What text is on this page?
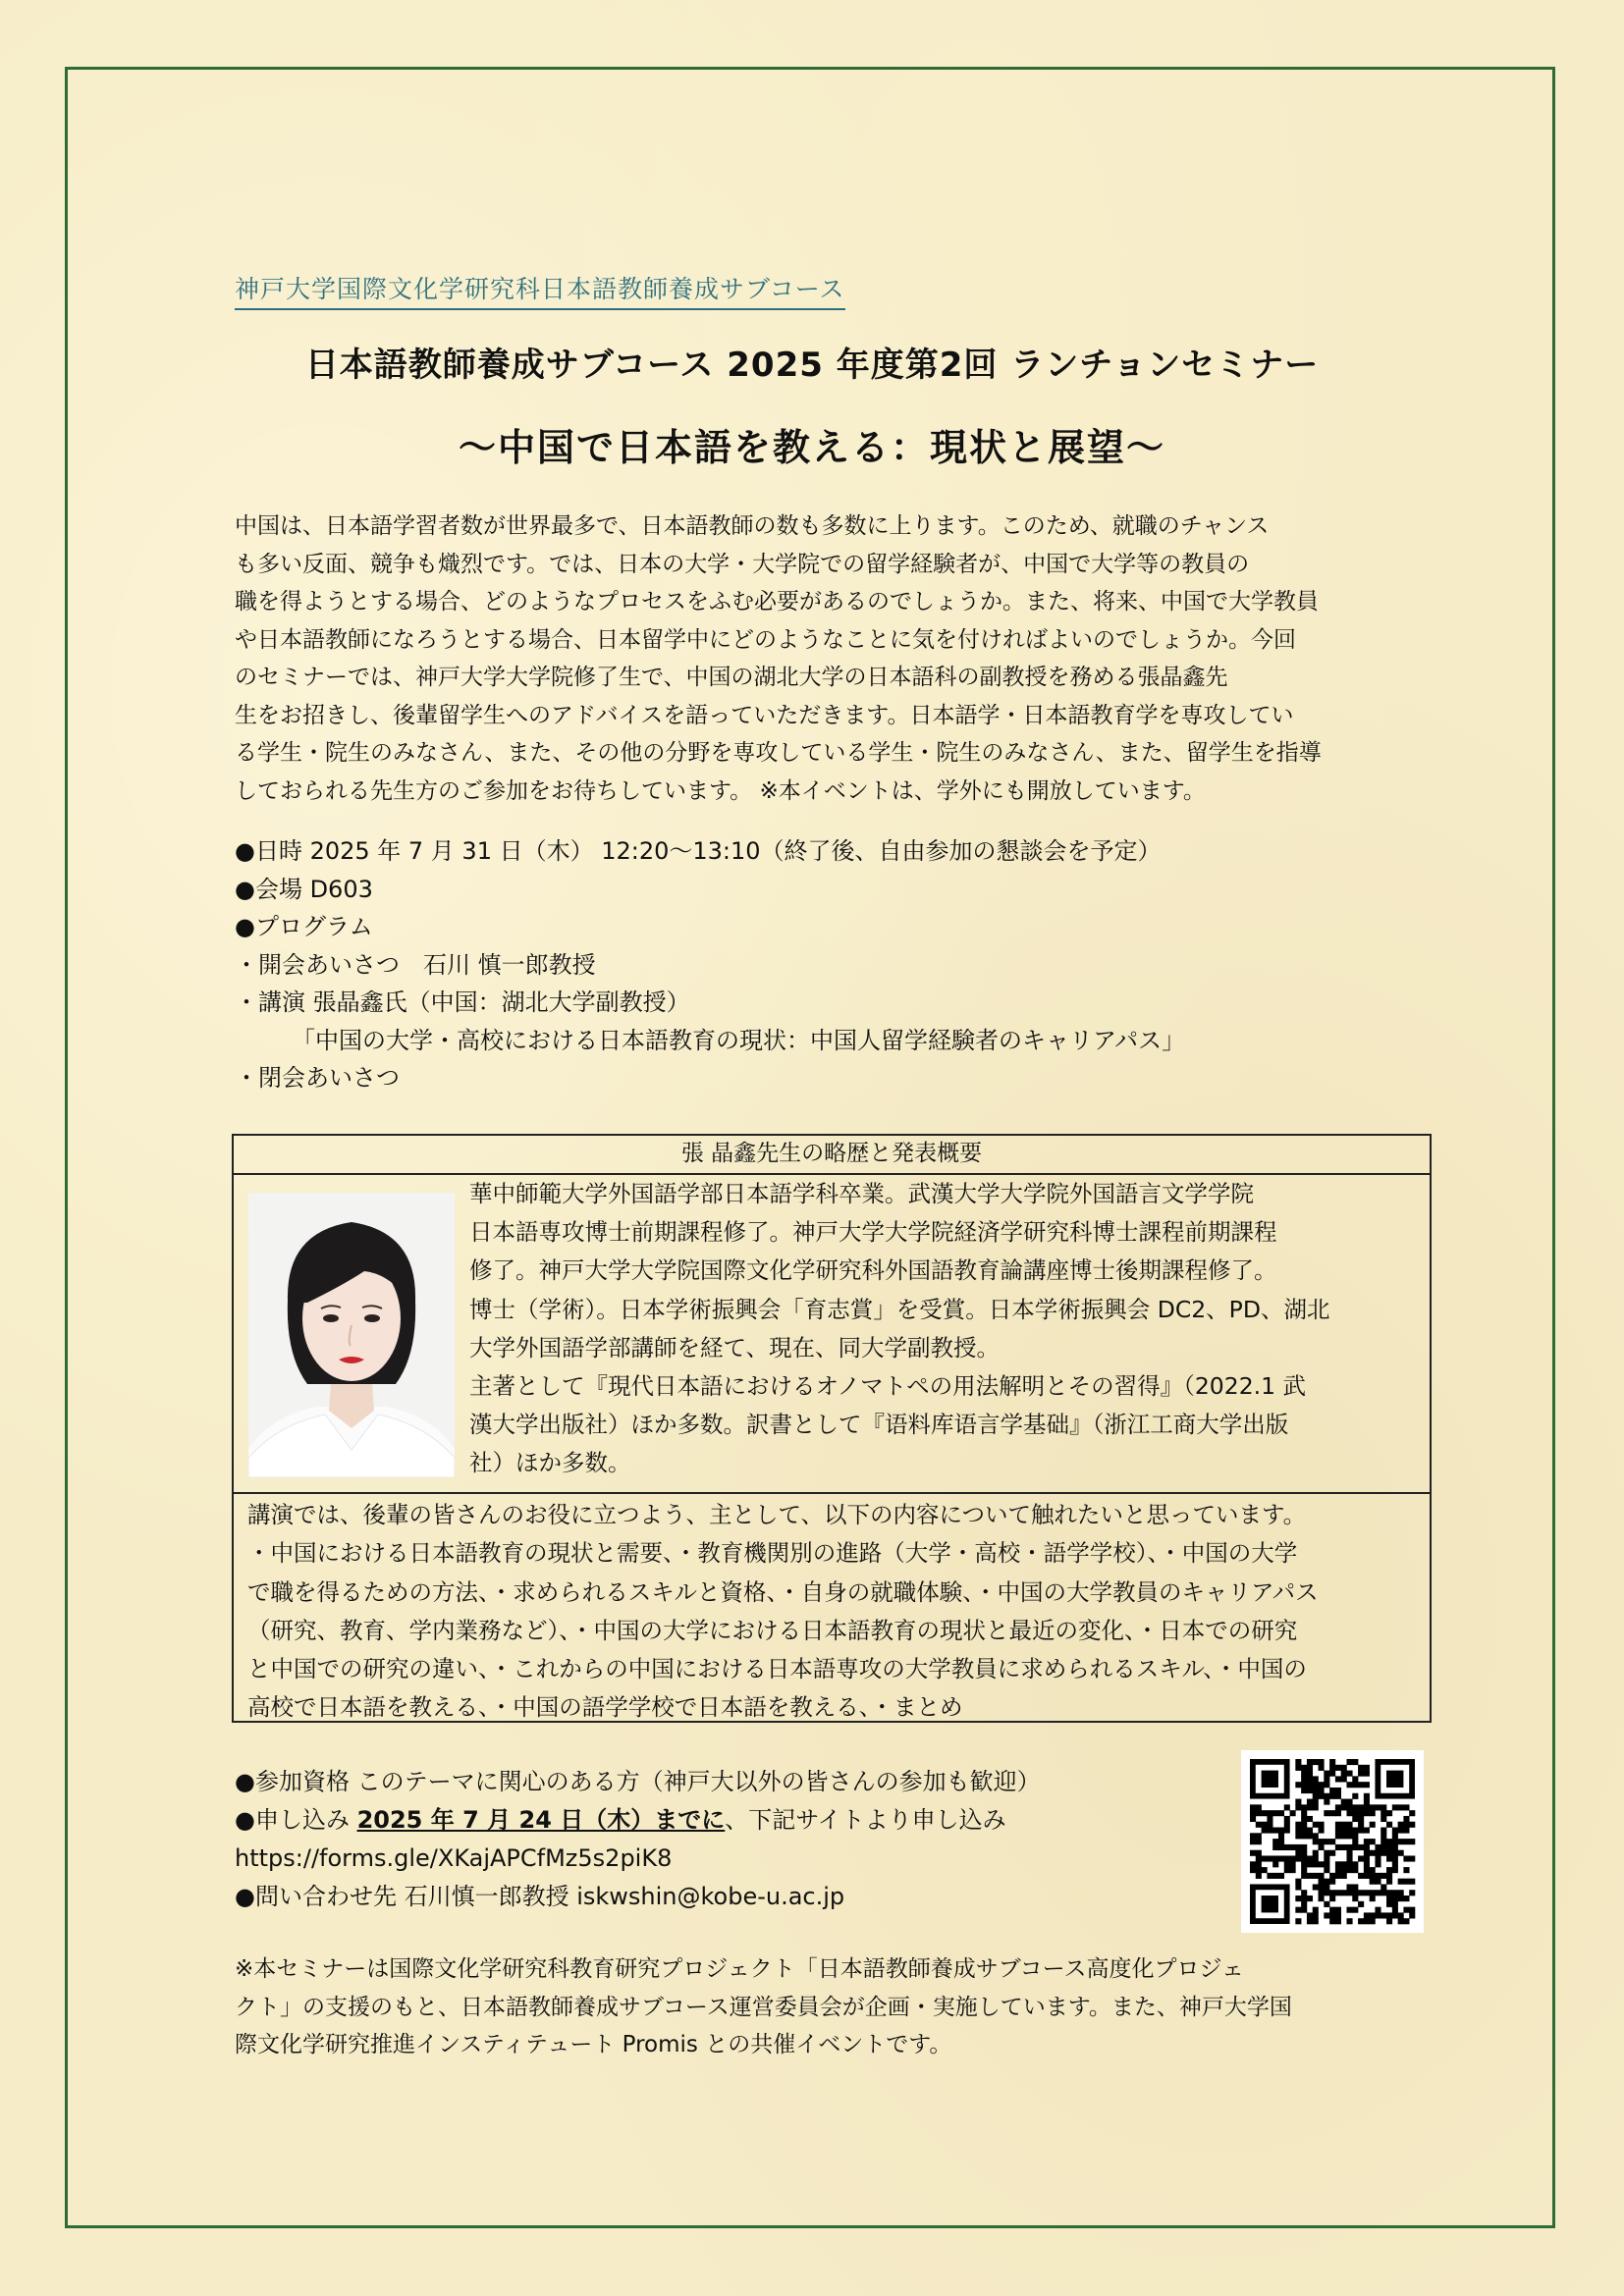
神戸大学国際文化学研究科日本語教師養成サブコース
日本語教師養成サブコース 2025 年度第2回 ランチョンセミナー
～中国で日本語を教える：現状と展望～
中国は、日本語学習者数が世界最多で、日本語教師の数も多数に上ります。このため、就職のチャンス
も多い反面、競争も熾烈です。では、日本の大学・大学院での留学経験者が、中国で大学等の教員の
職を得ようとする場合、どのようなプロセスをふむ必要があるのでしょうか。また、将来、中国で大学教員
や日本語教師になろうとする場合、日本留学中にどのようなことに気を付ければよいのでしょうか。今回
のセミナーでは、神戸大学大学院修了生で、中国の湖北大学の日本語科の副教授を務める張晶鑫先
生をお招きし、後輩留学生へのアドバイスを語っていただきます。日本語学・日本語教育学を専攻してい
る学生・院生のみなさん、また、その他の分野を専攻している学生・院生のみなさん、また、留学生を指導
しておられる先生方のご参加をお待ちしています。 ※本イベントは、学外にも開放しています。
●日時 2025 年 7 月 31 日（木） 12:20～13:10（終了後、自由参加の懇談会を予定）
●会場 D603
●プログラム
・開会あいさつ　石川 慎一郎教授
・講演 張晶鑫氏（中国：湖北大学副教授）
「中国の大学・高校における日本語教育の現状：中国人留学経験者のキャリアパス」
・閉会あいさつ
張 晶鑫先生の略歴と発表概要
華中師範大学外国語学部日本語学科卒業。武漢大学大学院外国語言文学学院
日本語専攻博士前期課程修了。神戸大学大学院経済学研究科博士課程前期課程
修了。神戸大学大学院国際文化学研究科外国語教育論講座博士後期課程修了。
博士（学術）。日本学術振興会「育志賞」を受賞。日本学術振興会 DC2、PD、湖北
大学外国語学部講師を経て、現在、同大学副教授。
主著として『現代日本語におけるオノマトペの用法解明とその習得』（2022.1 武
漢大学出版社）ほか多数。訳書として『语料库语言学基础』（浙江工商大学出版
社）ほか多数。
講演では、後輩の皆さんのお役に立つよう、主として、以下の内容について触れたいと思っています。
・中国における日本語教育の現状と需要、・教育機関別の進路（大学・高校・語学学校）、・中国の大学
で職を得るための方法、・求められるスキルと資格、・自身の就職体験、・中国の大学教員のキャリアパス
（研究、教育、学内業務など）、・中国の大学における日本語教育の現状と最近の変化、・日本での研究
と中国での研究の違い、・これからの中国における日本語専攻の大学教員に求められるスキル、・中国の
高校で日本語を教える、・中国の語学学校で日本語を教える、・まとめ
●参加資格 このテーマに関心のある方（神戸大以外の皆さんの参加も歓迎）
●申し込み 2025 年 7 月 24 日（木）までに、下記サイトより申し込み
https://forms.gle/XKajAPCfMz5s2piK8
●問い合わせ先 石川慎一郎教授 iskwshin@kobe-u.ac.jp
※本セミナーは国際文化学研究科教育研究プロジェクト「日本語教師養成サブコース高度化プロジェ
クト」の支援のもと、日本語教師養成サブコース運営委員会が企画・実施しています。また、神戸大学国
際文化学研究推進インスティテュート Promis との共催イベントです。
